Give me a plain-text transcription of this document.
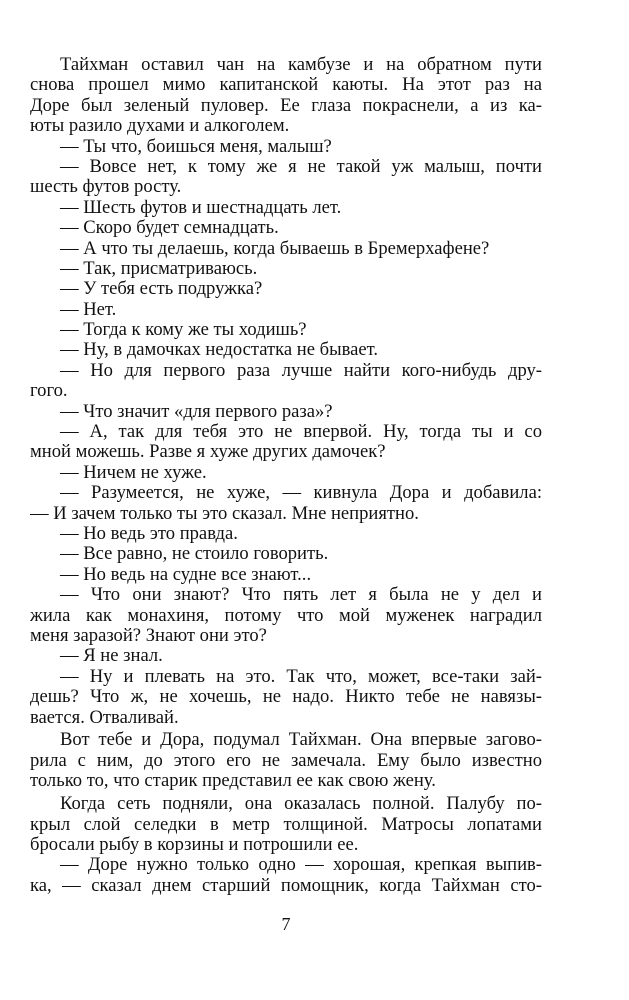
Тайхман оставил чан на камбузе и на обратном пути
снова прошел мимо капитанской каюты. На этот раз на
Доре был зеленый пуловер. Ее глаза покраснели, а из ка-
юты разило духами и алкоголем.
— Ты что, боишься меня, малыш?
— Вовсе нет, к тому же я не такой уж малыш, почти
шесть футов росту.
— Шесть футов и шестнадцать лет.
— Скоро будет семнадцать.
— А что ты делаешь, когда бываешь в Бремерхафене?
— Так, присматриваюсь.
— У тебя есть подружка?
— Нет.
— Тогда к кому же ты ходишь?
— Ну, в дамочках недостатка не бывает.
— Но для первого раза лучше найти кого-нибудь дру-
гого.
— Что значит «для первого раза»?
— А, так для тебя это не впервой. Ну, тогда ты и со
мной можешь. Разве я хуже других дамочек?
— Ничем не хуже.
— Разумеется, не хуже, — кивнула Дора и добавила:
— И зачем только ты это сказал. Мне неприятно.
— Но ведь это правда.
— Все равно, не стоило говорить.
— Но ведь на судне все знают...
— Что они знают? Что пять лет я была не у дел и
жила как монахиня, потому что мой муженек наградил
меня заразой? Знают они это?
— Я не знал.
— Ну и плевать на это. Так что, может, все-таки зай-
дешь? Что ж, не хочешь, не надо. Никто тебе не навязы-
вается. Отваливай.
Вот тебе и Дора, подумал Тайхман. Она впервые загово-
рила с ним, до этого его не замечала. Ему было известно
только то, что старик представил ее как свою жену.
Когда сеть подняли, она оказалась полной. Палубу по-
крыл слой селедки в метр толщиной. Матросы лопатами
бросали рыбу в корзины и потрошили ее.
— Доре нужно только одно — хорошая, крепкая выпив-
ка, — сказал днем старший помощник, когда Тайхман сто-
7
